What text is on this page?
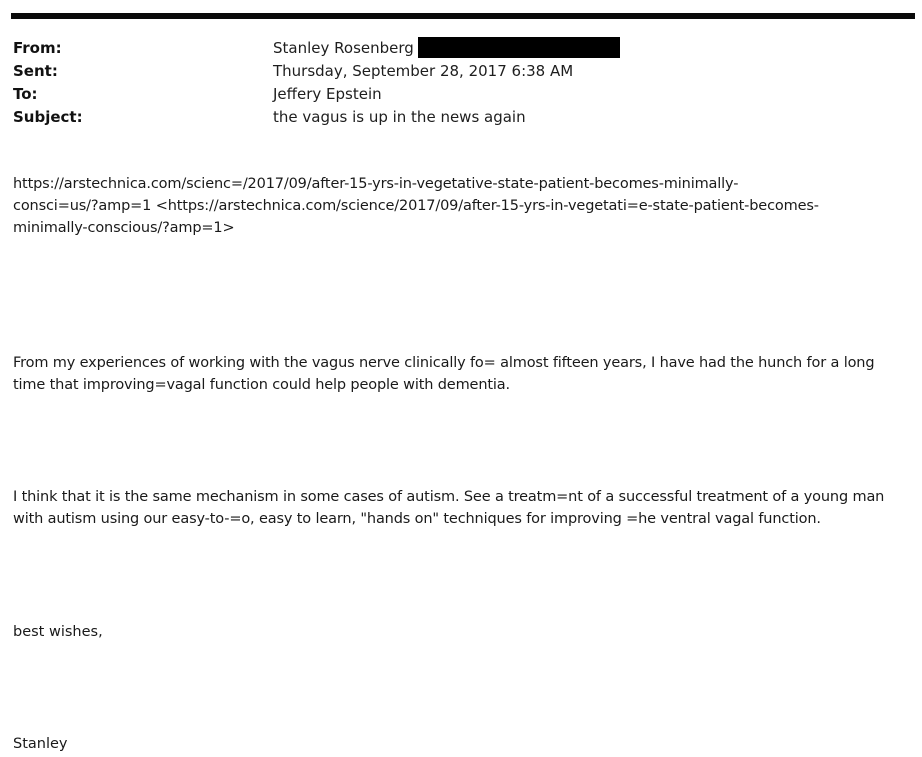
From:	Stanley Rosenberg
Sent:	Thursday, September 28, 2017 6:38 AM
To:	Jeffery Epstein
Subject:	the vagus is up in the news again
https://arstechnica.com/scienc=/2017/09/after-15-yrs-in-vegetative-state-patient-becomes-minimally-
consci=us/?amp=1 <https://arstechnica.com/science/2017/09/after-15-yrs-in-vegetati=e-state-patient-becomes-
minimally-conscious/?amp=1>
From my experiences of working with the vagus nerve clinically fo= almost fifteen years, I have had the hunch for a long
time that improving=vagal function could help people with dementia.
I think that it is the same mechanism in some cases of autism. See a treatm=nt of a successful treatment of a young man
with autism using our easy-to-=o, easy to learn, "hands on" techniques for improving =he ventral vagal function.
best wishes,
Stanley
